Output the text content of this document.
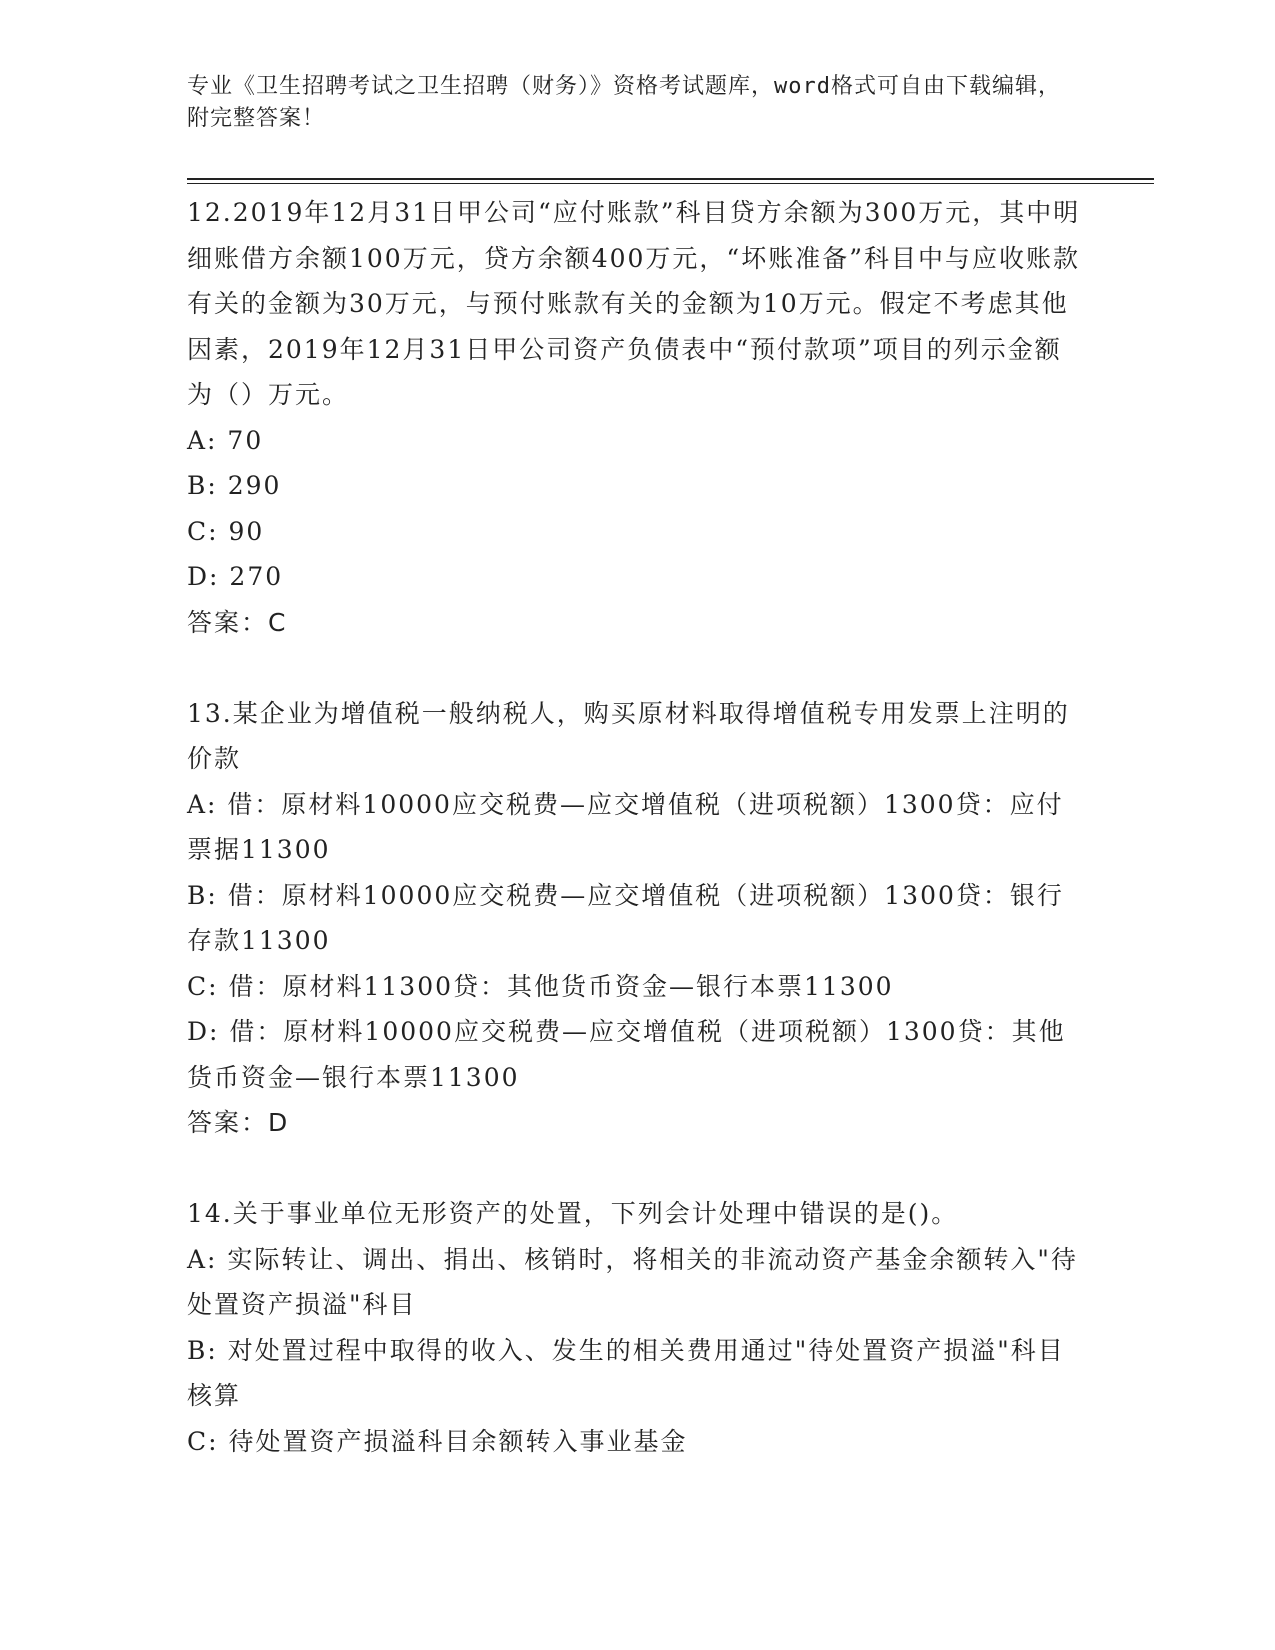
专业《卫生招聘考试之卫生招聘（财务）》资格考试题库，word格式可自由下载编辑，附完整答案！
12.2019年12月31日甲公司“应付账款”科目贷方余额为300万元，其中明细账借方余额100万元，贷方余额400万元，“坏账准备”科目中与应收账款有关的金额为30万元，与预付账款有关的金额为10万元。假定不考虑其他因素，2019年12月31日甲公司资产负债表中“预付款项”项目的列示金额为（）万元。
A: 70
B: 290
C: 90
D: 270
答案：C
13.某企业为增值税一般纳税人，购买原材料取得增值税专用发票上注明的价款
A: 借：原材料10000应交税费—应交增值税（进项税额）1300贷：应付票据11300
B: 借：原材料10000应交税费—应交增值税（进项税额）1300贷：银行存款11300
C: 借：原材料11300贷：其他货币资金—银行本票11300
D: 借：原材料10000应交税费—应交增值税（进项税额）1300贷：其他货币资金—银行本票11300
答案：D
14.关于事业单位无形资产的处置，下列会计处理中错误的是()。
A: 实际转让、调出、捐出、核销时，将相关的非流动资产基金余额转入"待处置资产损溢"科目
B: 对处置过程中取得的收入、发生的相关费用通过"待处置资产损溢"科目核算
C: 待处置资产损溢科目余额转入事业基金
